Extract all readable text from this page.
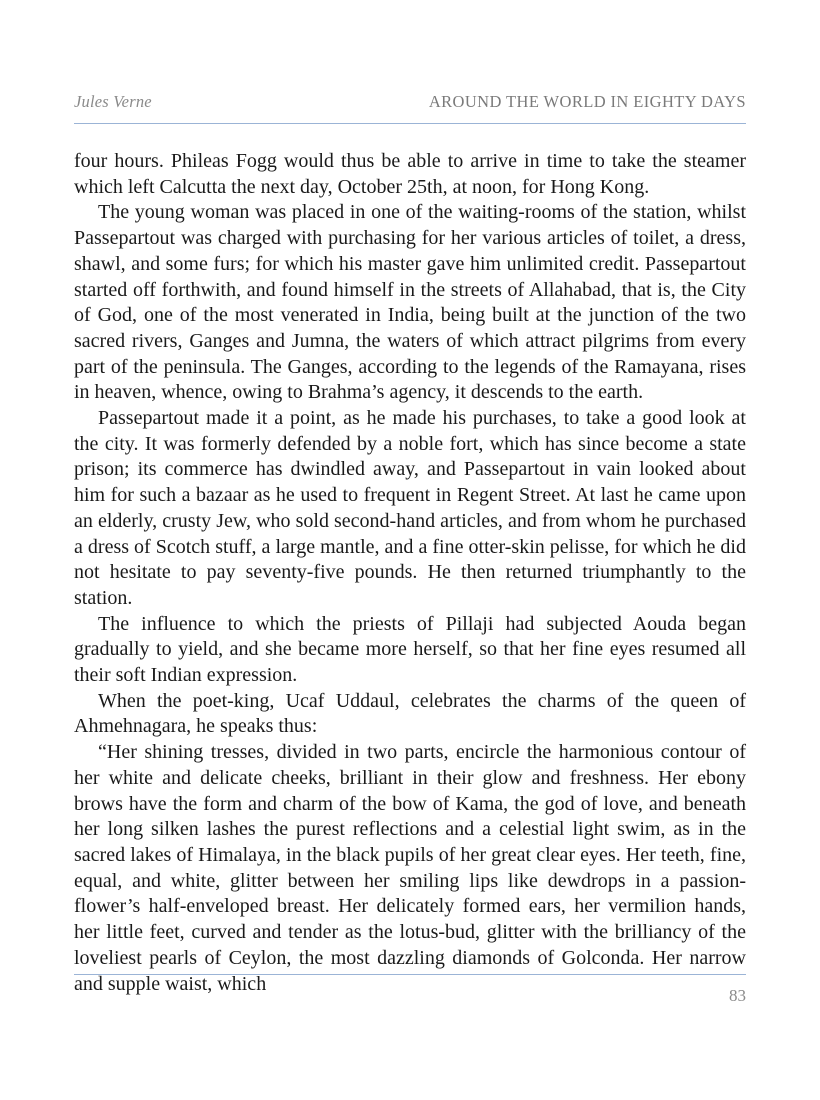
Jules Verne	AROUND THE WORLD IN EIGHTY DAYS

four hours. Phileas Fogg would thus be able to arrive in time to take the steamer which left Calcutta the next day, October 25th, at noon, for Hong Kong.

The young woman was placed in one of the waiting-rooms of the station, whilst Passepartout was charged with purchasing for her various articles of toilet, a dress, shawl, and some furs; for which his master gave him unlimited credit. Passepartout started off forthwith, and found himself in the streets of Allahabad, that is, the City of God, one of the most venerated in India, being built at the junction of the two sacred rivers, Ganges and Jumna, the waters of which attract pilgrims from every part of the peninsula. The Ganges, according to the legends of the Ramayana, rises in heaven, whence, owing to Brahma’s agency, it descends to the earth.

Passepartout made it a point, as he made his purchases, to take a good look at the city. It was formerly defended by a noble fort, which has since become a state prison; its commerce has dwindled away, and Passepartout in vain looked about him for such a bazaar as he used to frequent in Regent Street. At last he came upon an elderly, crusty Jew, who sold second-hand articles, and from whom he purchased a dress of Scotch stuff, a large mantle, and a fine otter-skin pelisse, for which he did not hesitate to pay seventy-five pounds. He then returned triumphantly to the station.

The influence to which the priests of Pillaji had subjected Aouda began gradually to yield, and she became more herself, so that her fine eyes resumed all their soft Indian expression.

When the poet-king, Ucaf Uddaul, celebrates the charms of the queen of Ahmehnagara, he speaks thus:

“Her shining tresses, divided in two parts, encircle the harmonious contour of her white and delicate cheeks, brilliant in their glow and freshness. Her ebony brows have the form and charm of the bow of Kama, the god of love, and beneath her long silken lashes the purest reflections and a celestial light swim, as in the sacred lakes of Himalaya, in the black pupils of her great clear eyes. Her teeth, fine, equal, and white, glitter between her smiling lips like dewdrops in a passion-flower’s half-enveloped breast. Her delicately formed ears, her vermilion hands, her little feet, curved and tender as the lotus-bud, glitter with the brilliancy of the loveliest pearls of Ceylon, the most dazzling diamonds of Golconda. Her narrow and supple waist, which

83
